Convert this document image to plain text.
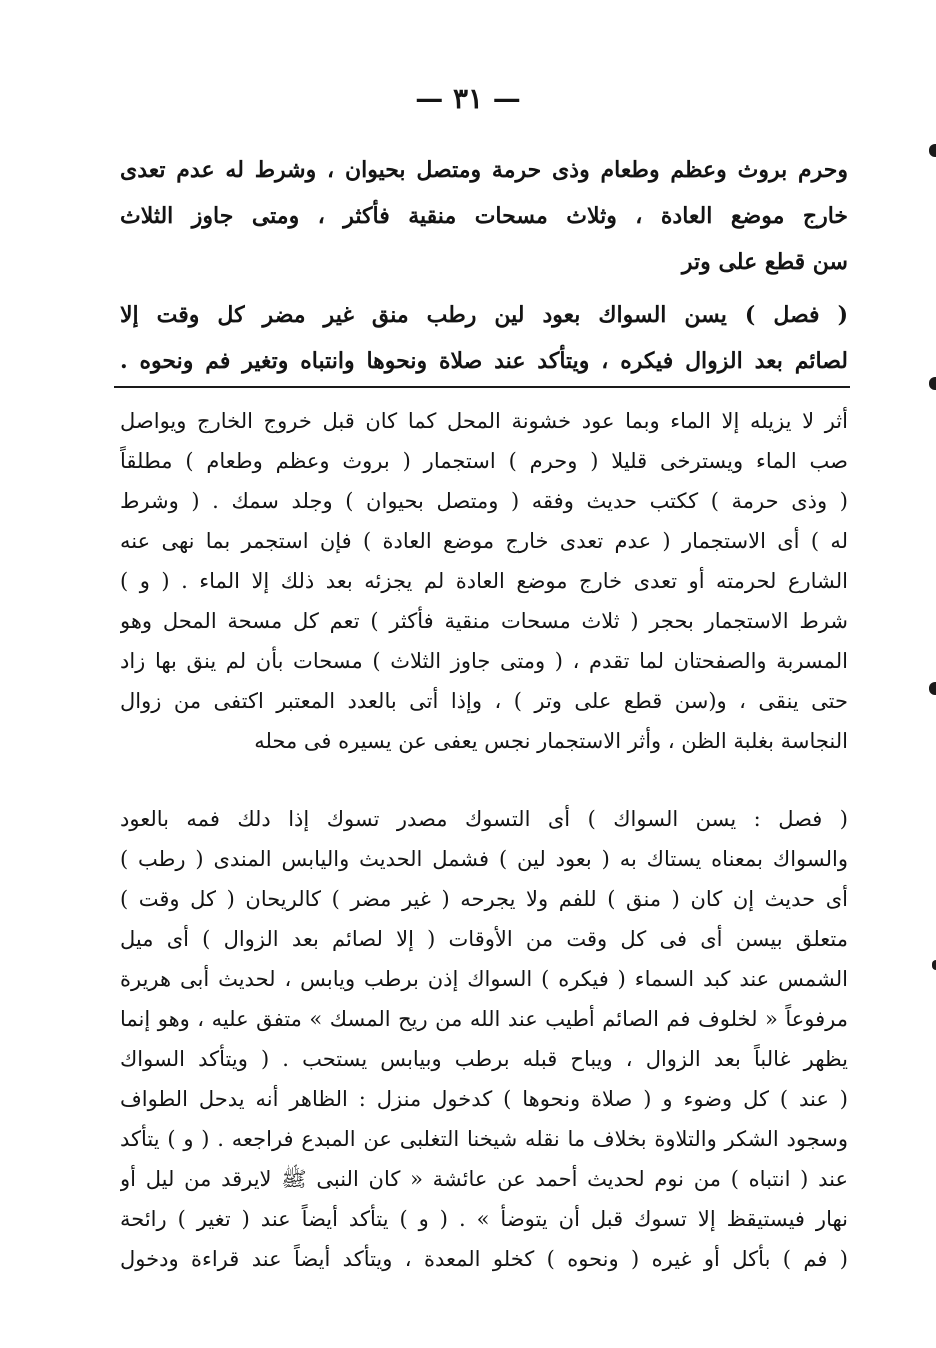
— ٣١ —
وحرم بروث وعظم وطعام وذى حرمة ومتصل بحيوان ، وشرط له عدم تعدى
خارج موضع العادة ، وثلاث مسحات منقية فأكثر ، ومتى جاوز الثلاث
سن قطع على وتر
( فصل ) يسن السواك بعود لين رطب منق غير مضر كل وقت إلا
لصائم بعد الزوال فيكره ، ويتأكد عند صلاة ونحوها وانتباه وتغير فم ونحوه .
أثر لا يزيله إلا الماء وبما عود خشونة المحل كما كان قبل خروج الخارج ويواصل
صب الماء ويسترخى قليلا ( وحرم ) استجمار ( بروث وعظم وطعام ) مطلقاً
( وذى حرمة ) ككتب حديث وفقه ( ومتصل بحيوان ) وجلد سمك . ( وشرط
له ) أى الاستجمار ( عدم تعدى خارج موضع العادة ) فإن استجمر بما نهى عنه
الشارع لحرمته أو تعدى خارج موضع العادة لم يجزئه بعد ذلك إلا الماء . ( و )
شرط الاستجمار بحجر ( ثلاث مسحات منقية فأكثر ) تعم كل مسحة المحل وهو
المسربة والصفحتان لما تقدم ، ( ومتى جاوز الثلاث ) مسحات بأن لم ينق بها زاد
حتى ينقى ، و(سن قطع على وتر ) ، وإذا أتى بالعدد المعتبر اكتفى من زوال
النجاسة بغلبة الظن ، وأثر الاستجمار نجس يعفى عن يسيره فى محله
( فصل : يسن السواك ) أى التسوك مصدر تسوك إذا دلك فمه بالعود
والسواك بمعناه يستاك به ( بعود لين ) فشمل الحديث واليابس المندى ( رطب )
أى حديث إن كان ( منق ) للفم ولا يجرحه ( غير مضر ) كالريحان ( كل وقت )
متعلق بيسن أى فى كل وقت من الأوقات ( إلا لصائم بعد الزوال ) أى ميل
الشمس عند كبد السماء ( فيكره ) السواك إذن برطب ويابس ، لحديث أبى هريرة
مرفوعاً « لخلوف فم الصائم أطيب عند الله من ريح المسك » متفق عليه ، وهو إنما
يظهر غالباً بعد الزوال ، ويباح قبله برطب وبيابس يستحب . ( ويتأكد السواك
( عند ) كل وضوء و ( صلاة ونحوها ) كدخول منزل : الظاهر أنه يدحل الطواف
وسجود الشكر والتلاوة بخلاف ما نقله شيخنا التغلبى عن المبدع فراجعه . ( و ) يتأكد
عند ( انتباه ) من نوم لحديث أحمد عن عائشة « كان النبى ﷺ لايرقد من ليل أو
نهار فيستيقظ إلا تسوك قبل أن يتوضأ » . ( و ) يتأكد أيضاً عند ( تغير ) رائحة
( فم ) بأكل أو غيره ( ونحوه ) كخلو المعدة ، ويتأكد أيضاً عند قراءة ودخول
